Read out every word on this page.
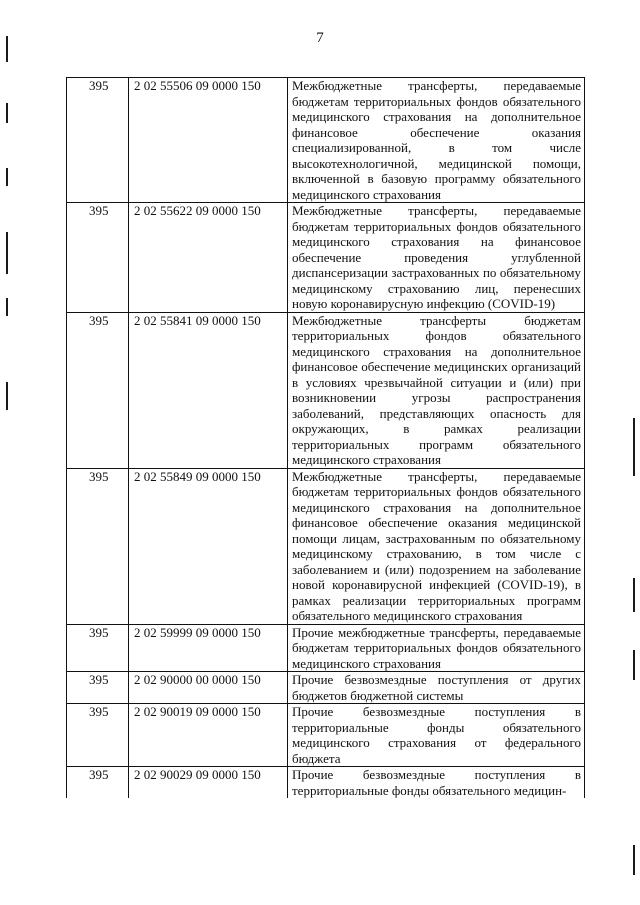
7
395	2 02 55506 09 0000 150	Межбюджетные трансферты, передаваемые бюджетам территориальных фондов обязательного медицинского страхования на дополнительное финансовое обеспечение оказания специализированной, в том числе высокотехнологичной, медицинской помощи, включенной в базовую программу обязательного медицинского страхования

395	2 02 55622 09 0000 150	Межбюджетные трансферты, передаваемые бюджетам территориальных фондов обязательного медицинского страхования на финансовое обеспечение проведения углубленной диспансеризации застрахованных по обязательному медицинскому страхованию лиц, перенесших новую коронавирусную инфекцию (COVID-19)

395	2 02 55841 09 0000 150	Межбюджетные трансферты бюджетам территориальных фондов обязательного медицинского страхования на дополнительное финансовое обеспечение медицинских организаций в условиях чрезвычайной ситуации и (или) при возникновении угрозы распространения заболеваний, представляющих опасность для окружающих, в рамках реализации территориальных программ обязательного медицинского страхования

395	2 02 55849 09 0000 150	Межбюджетные трансферты, передаваемые бюджетам территориальных фондов обязательного медицинского страхования на дополнительное финансовое обеспечение оказания медицинской помощи лицам, застрахованным по обязательному медицинскому страхованию, в том числе с заболеванием и (или) подозрением на заболевание новой коронавирусной инфекцией (COVID-19), в рамках реализации территориальных программ обязательного медицинского страхования

395	2 02 59999 09 0000 150	Прочие межбюджетные трансферты, передаваемые бюджетам территориальных фондов обязательного медицинского страхования

395	2 02 90000 00 0000 150	Прочие безвозмездные поступления от других бюджетов бюджетной системы

395	2 02 90019 09 0000 150	Прочие безвозмездные поступления в территориальные фонды обязательного медицинского страхования от федерального бюджета

395	2 02 90029 09 0000 150	Прочие безвозмездные поступления в территориальные фонды обязательного медицин-
